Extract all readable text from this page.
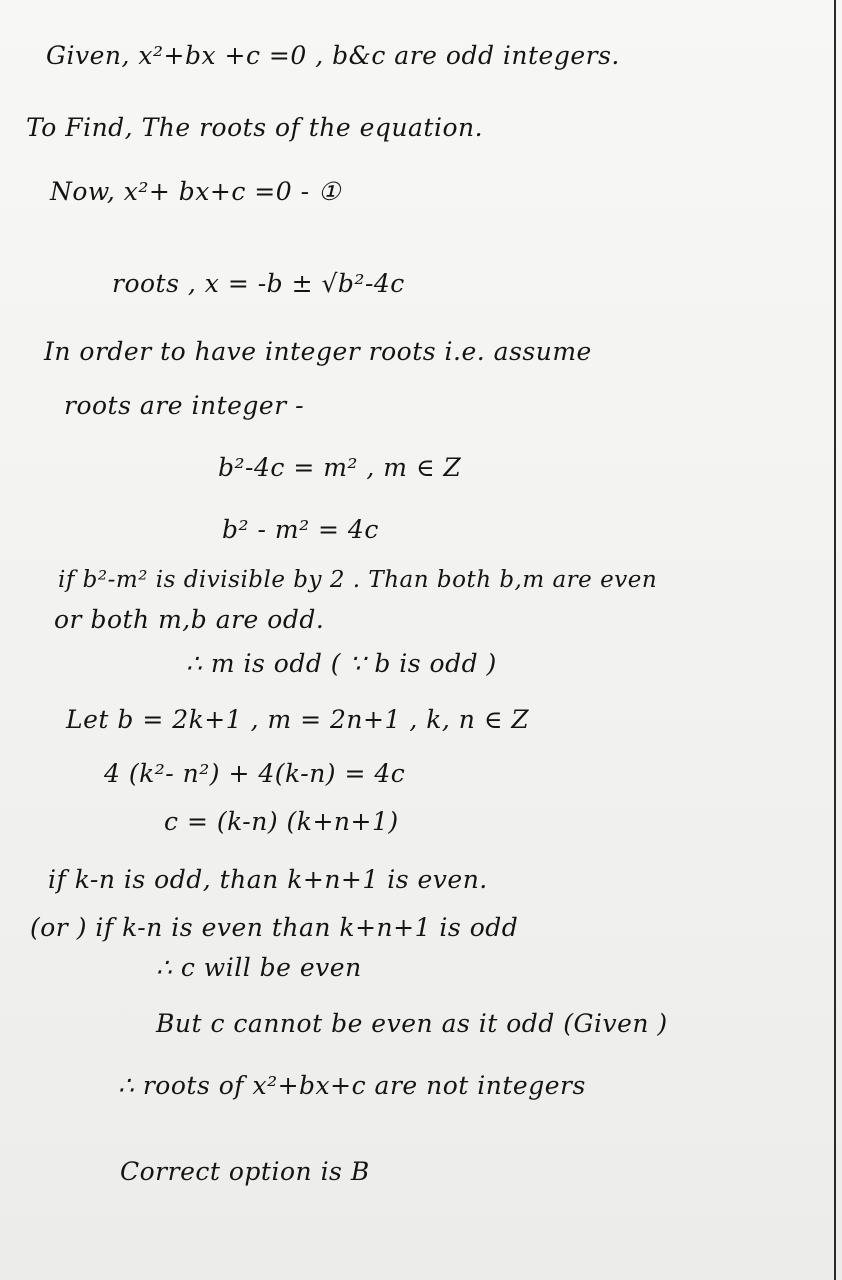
Given, x²+bx +c =0 , b&c are odd integers.
To Find, The roots of the equation.
Now, x²+ bx+c =0 - ①
roots , x = -b ± √b²-4c
In order to have integer roots i.e. assume
roots are integer -
b²-4c = m² , m ∈ Z
b² - m² = 4c
if b²-m² is divisible by 2 . Than both b,m are even
or both m,b are odd.
∴ m is odd ( ∵ b is odd )
Let b = 2k+1 , m = 2n+1 , k, n ∈ Z
4 (k²- n²) + 4(k-n) = 4c
c = (k-n) (k+n+1)
if k-n is odd, than k+n+1 is even.
(or ) if k-n is even than k+n+1 is odd
∴ c will be even
But c cannot be even as it odd (Given )
∴ roots of x²+bx+c are not integers
Correct option is B
